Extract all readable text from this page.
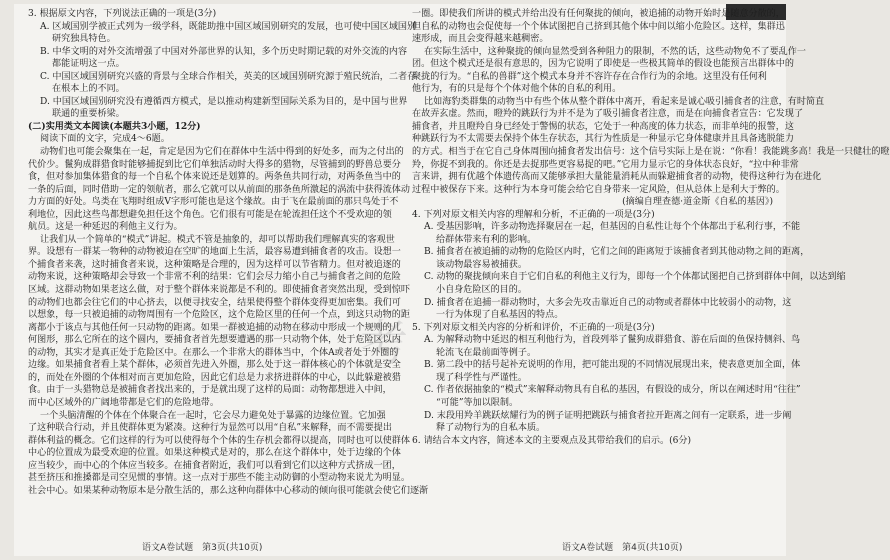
考
3. 根据原文内容，下列说法正确的一项是(3分)
A. 区域国别学被正式列为一级学科，既能助推中国区域国别研究的发展，也可使中国区域国别
研究独具特色。
B. 中华文明的对外交流增强了中国对外部世界的认知，多个历史时期记载的对外交流的内容
都能证明这一点。
C. 中国区域国别研究兴盛的背景与全球合作相关，英美的区域国别研究源于殖民统治，二者存
在根本上的不同。
D. 中国区域国别研究没有遵循西方模式，是以推动构建新型国际关系为目的，是中国与世界
联通的重要桥梁。
(二)实用类文本阅读(本题共3小题，12分)
阅读下面的文字，完成4～6题。
动物们也可能会聚集在一起，肯定是因为它们在群体中生活中得到的好处多，而为之付出的
代价少。鬣狗成群猎食时能够捕捉到比它们单独活动时大得多的猎物，尽管捕到的野兽总要分
食，但对参加集体猎食的每一个自私个体来说还是划算的。两条鱼共同行动，对两条鱼当中的
一条的后面，同时借助一定的领航者，那么它就可以从前面的那条鱼所激起的涡流中获得流体动
力方面的好处。鸟类在飞翔时组成V字形可能也是这个缘故。由于飞在最前面的那只鸟处于不
利地位，因此这些鸟都想避免担任这个角色。它们很有可能是在轮流担任这个不受欢迎的领
航员。这是一种延迟的利他主义行为。
让我们从一个简单的“模式”讲起。模式不管是抽象的，却可以帮助我们理解真实的客观世
界。设想有一群某一物种的动物被迫在空旷的地面上生活，最容易遭到捕食者的攻击。设想一
个捕食者来袭，这时捕食者来说，这种策略是合理的，因为这样可以节省精力。但对被追逐的
动物来说，这种策略却会导致一个非常不利的结果：它们会尽力缩小自己与捕食者之间的危险
区域。这群动物如果老这么做，对于整个群体来说都是不利的。即使捕食者突然出现，受到惊吓
的动物们也都会往它们的中心挤去，以便寻找安全，结果使得整个群体变得更加密集。我们可
以想象，每一只被追捕的动物周围有一个危险区，这个危险区里的任何一个点，到这只动物的距
离都小于该点与其他任何一只动物的距离。如果一群被追捕的动物在移动中形成一个规则的几
何图形，那么它所在的这个圆内，要捕食者首先想要遭遇的那一只动物个体，处于危险区以内
的动物，其实才是真正处于危险区中。在那么一个非常大的群体当中，个体A或者处于外圈的
边缘。如果捕食者看上某个群体，必须首先进入外圈，那么处于这一群体核心的个体就是安全
的，而处在外圈的个体相对而言更加危险，因此它们总是力求挤进群体的中心，以此躲避被猎
食。由于一头猎物总是被捕食者找出来的，于是就出现了这样的局面：动物都想进入中间，
而中心区域外的广阔地带都是它们的危险地带。
一个头脑清醒的个体在个体聚合在一起时，它会尽力避免处于暴露的边缘位置。它加强
了这种联合行动，并且使群体更为紧凑。这种行为显然可以用“自私”来解释，而不需要提出
群体利益的概念。它们这样的行为可以使得每个个体的生存机会都得以提高，同时也可以使群体
中心的位置成为最受欢迎的位置。如果这种模式是对的，那么在这个群体中，处于边缘的个体
应当较少，而中心的个体应当较多。在捕食者附近，我们可以看到它们以这种方式挤成一团，
甚至挤压和推搡都是司空见惯的事情。这一点对于那些不能主动防御的小型动物来说尤为明显。
社会中心。如果某种动物原本是分散生活的，那么这种向群体中心移动的倾向很可能就会使它们逐渐
一圈。即使我们所讲的模式并给出没有任何聚拢的倾向，被追捕的动物开始时是随意分散的，
但自私的动物也会促使每一个个体试图把自己挤到其他个体中间以缩小危险区。这样，集群迅
速形成，而且会变得越来越稠密。
在实际生活中，这种聚拢的倾向显然受到各种阻力的限制，不然的话，这些动物免不了要乱作一
团。但这个模式还是很有意思的，因为它说明了即使是一些极其简单的假设也能预言出群体中的
聚拢的行为。“自私的兽群”这个模式本身并不容许存在合作行为的余地。这里没有任何利
他行为，有的只是每个个体对他个体的自私的利用。
比如海豹类群集的动物当中有些个体从整个群体中离开，看起来是诚心吸引捕食者的注意，有时简直
在故弄玄虚。然而，瞪羚的跳跃行为并不是为了吸引捕食者注意，而是在向捕食者宣告：它发现了
捕食者，并且瞪羚自身已经处于警惕的状态，它处于一种高度的体力状态，而非单纯的报警，这
种跳跃行为不太需要去保持个体生存状态，其行为性质是一种显示它身体健康并且具备逃脱能力
的方式。相当于在它自己身体周围向捕食者发出信号：这个信号实际上是在说：“你看！我能跳多高！我是一只健壮的瞪
羚，你捉不到我的。你还是去捉那些更容易捉的吧。”它用力显示它的身体状态良好，“拉中种非常
言来讲，拥有优越个体遗传高而又能够承担大量能量消耗从而躲避捕食者的动物，使得这种行为在进化
过程中被保存下来。这种行为本身可能会给它自身带来一定风险，但从总体上是利大于弊的。
(摘编自理查德·道金斯《自私的基因》)
4. 下列对原文相关内容的理解和分析，不正确的一项是(3分)
A. 受基因影响，许多动物选择聚居在一起，但基因的自私性让每个个体都出于私利行事，不能
给群体带来有利的影响。
B. 捕食者在被追捕的动物的危险区内时，它们之间的距离短于该捕食者到其他动物之间的距离，
该动物最容易被捕获。
C. 动物的聚拢倾向来自于它们自私的利他主义行为，即每一个个体都试图把自己挤到群体中间，以达到缩
小自身危险区的目的。
D. 捕食者在追捕一群动物时，大多会先攻击靠近自己的动物或者群体中比较弱小的动物，这
一行为体现了自私基因的特点。
5. 下列对原文相关内容的分析和评价，不正确的一项是(3分)
A. 为解释动物中延迟的相互利他行为，首段列举了鬣狗成群猎食、游在后面的鱼保持侧斜、鸟
轮流飞在最前面等例子。
B. 第二段中的括号起补充说明的作用，把可能出现的不同情况展现出来，使表意更加全面，体
现了科学性与严谨性。
C. 作者依据抽象的“模式”来解释动物具有自私的基因，有假设的成分，所以在阐述时用“往往”
“可能”等加以限制。
D. 末段用羚羊跳跃炫耀行为的例子证明把跳跃与捕食者拉开距离之间有一定联系，进一步阐
释了动物行为的自私本质。
6. 请结合本文内容，简述本文的主要观点及其带给我们的启示。(6分)
语文A卷试题　第3页(共10页)	语文A卷试题　第4页(共10页)
